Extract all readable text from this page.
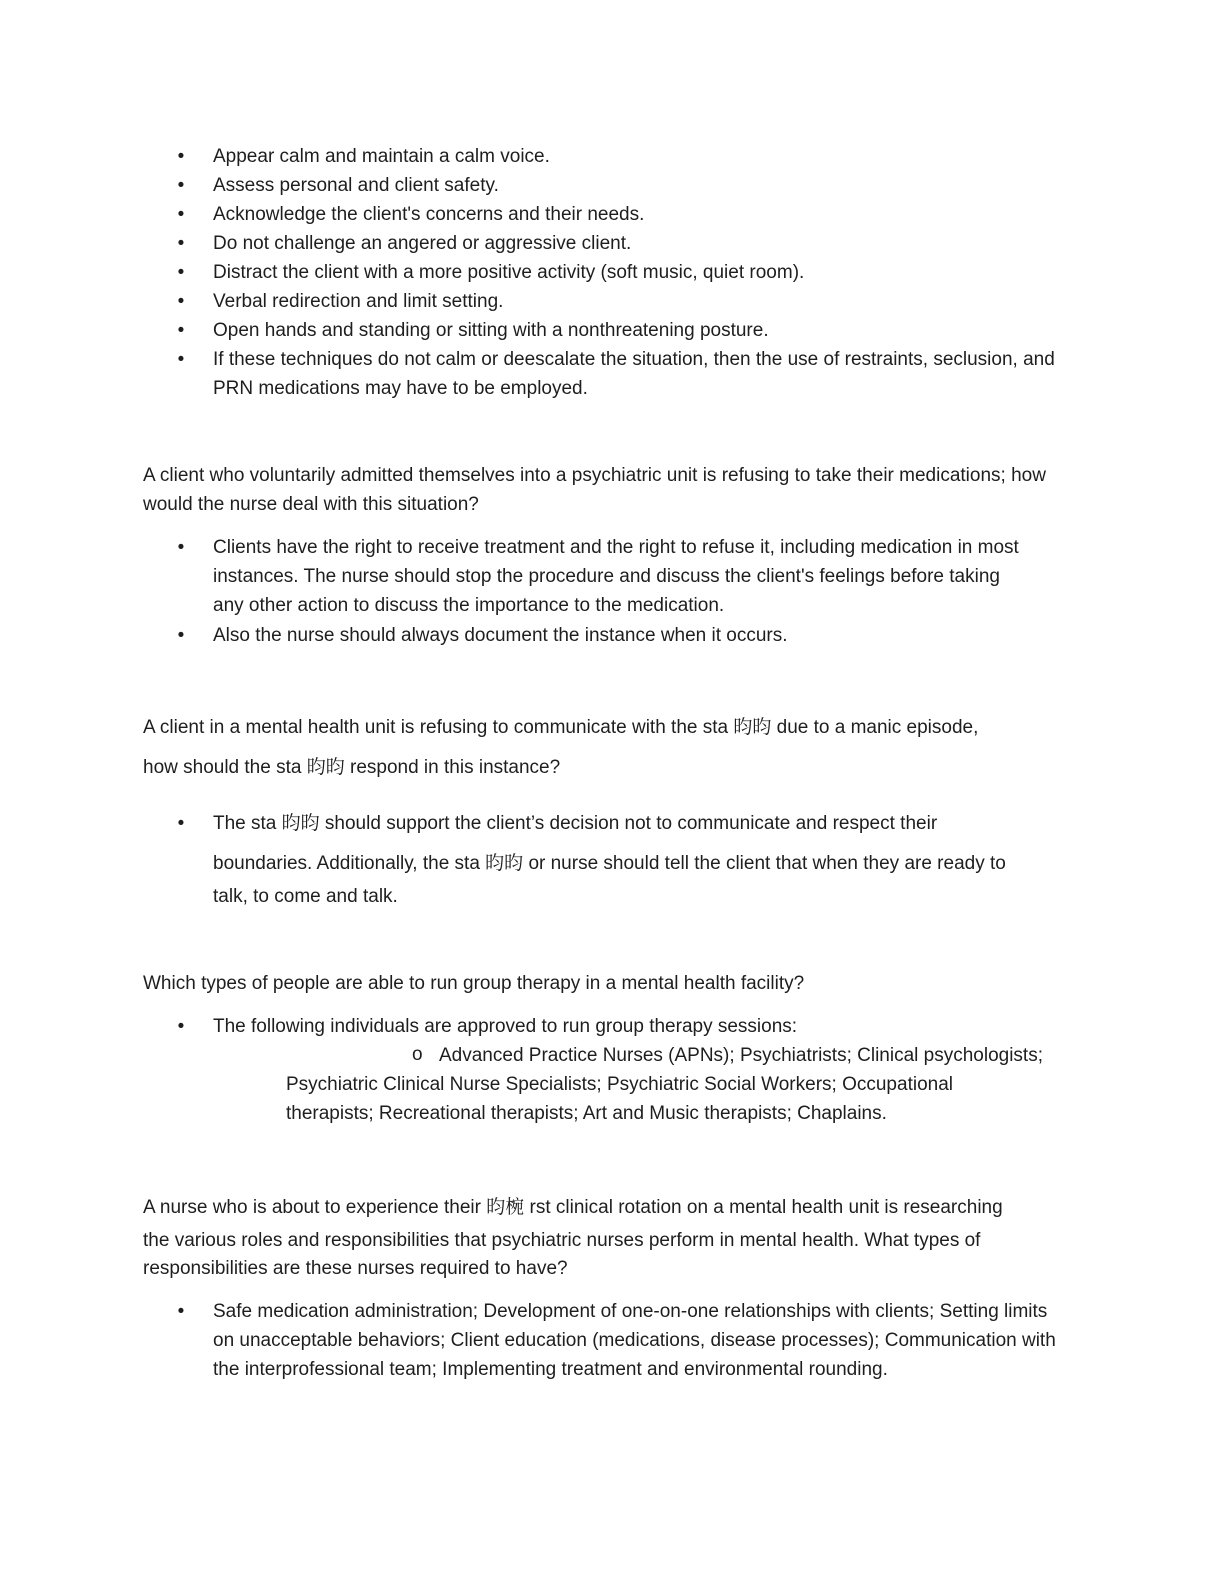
• Appear calm and maintain a calm voice.
• Assess personal and client safety.
• Acknowledge the client's concerns and their needs.
• Do not challenge an angered or aggressive client.
• Distract the client with a more positive activity (soft music, quiet room).
• Verbal redirection and limit setting.
• Open hands and standing or sitting with a nonthreatening posture.
• If these techniques do not calm or deescalate the situation, then the use of restraints, seclusion, and PRN medications may have to be employed.

A client who voluntarily admitted themselves into a psychiatric unit is refusing to take their medications; how would the nurse deal with this situation?

• Clients have the right to receive treatment and the right to refuse it, including medication in most instances. The nurse should stop the procedure and discuss the client's feelings before taking any other action to discuss the importance to the medication.
• Also the nurse should always document the instance when it occurs.

A client in a mental health unit is refusing to communicate with the sta 昀昀 due to a manic episode,

how should the sta 昀昀 respond in this instance?

• The sta 昀昀 should support the client’s decision not to communicate and respect their

boundaries. Additionally, the sta 昀昀 or nurse should tell the client that when they are ready to

talk, to come and talk.

Which types of people are able to run group therapy in a mental health facility?

• The following individuals are approved to run group therapy sessions:

o Advanced Practice Nurses (APNs); Psychiatrists; Clinical psychologists;

Psychiatric Clinical Nurse Specialists; Psychiatric Social Workers; Occupational

therapists; Recreational therapists; Art and Music therapists; Chaplains.

A nurse who is about to experience their 昀椀 rst clinical rotation on a mental health unit is researching

the various roles and responsibilities that psychiatric nurses perform in mental health. What types of

responsibilities are these nurses required to have?

• Safe medication administration; Development of one-on-one relationships with clients; Setting limits on unacceptable behaviors; Client education (medications, disease processes); Communication with the interprofessional team; Implementing treatment and environmental rounding.
